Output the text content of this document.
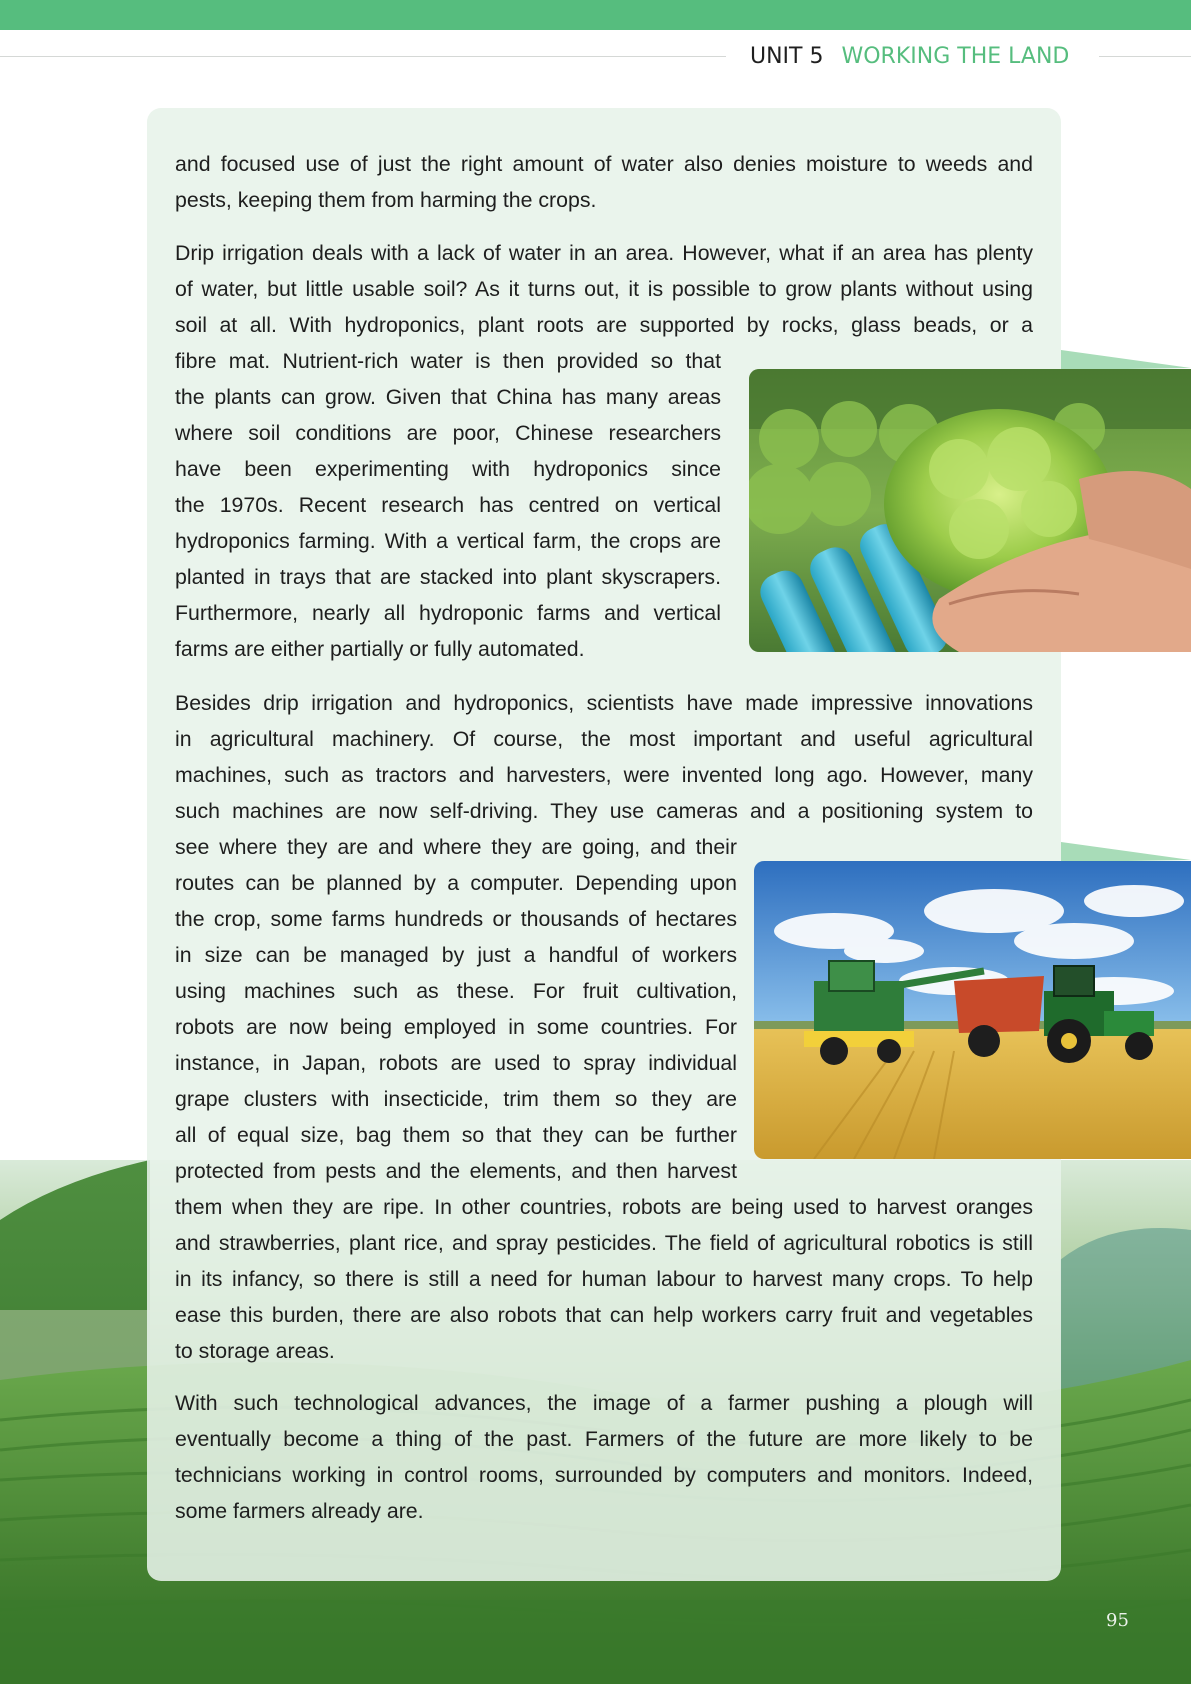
UNIT 5 WORKING THE LAND
and focused use of just the right amount of water also denies moisture to weeds and
pests, keeping them from harming the crops.
Drip irrigation deals with a lack of water in an area. However, what if an area has plenty
of water, but little usable soil? As it turns out, it is possible to grow plants without using
soil at all. With hydroponics, plant roots are supported by rocks, glass beads, or a
fibre mat. Nutrient-rich water is then provided so that
the plants can grow. Given that China has many areas
where soil conditions are poor, Chinese researchers
have been experimenting with hydroponics since
the 1970s. Recent research has centred on vertical
hydroponics farming. With a vertical farm, the crops are
planted in trays that are stacked into plant skyscrapers.
Furthermore, nearly all hydroponic farms and vertical
farms are either partially or fully automated.
Besides drip irrigation and hydroponics, scientists have made impressive innovations
in agricultural machinery. Of course, the most important and useful agricultural
machines, such as tractors and harvesters, were invented long ago. However, many
such machines are now self-driving. They use cameras and a positioning system to
see where they are and where they are going, and their
routes can be planned by a computer. Depending upon
the crop, some farms hundreds or thousands of hectares
in size can be managed by just a handful of workers
using machines such as these. For fruit cultivation,
robots are now being employed in some countries. For
instance, in Japan, robots are used to spray individual
grape clusters with insecticide, trim them so they are
all of equal size, bag them so that they can be further
protected from pests and the elements, and then harvest
them when they are ripe. In other countries, robots are being used to harvest oranges
and strawberries, plant rice, and spray pesticides. The field of agricultural robotics is still
in its infancy, so there is still a need for human labour to harvest many crops. To help
ease this burden, there are also robots that can help workers carry fruit and vegetables
to storage areas.
With such technological advances, the image of a farmer pushing a plough will
eventually become a thing of the past. Farmers of the future are more likely to be
technicians working in control rooms, surrounded by computers and monitors. Indeed,
some farmers already are.
95
